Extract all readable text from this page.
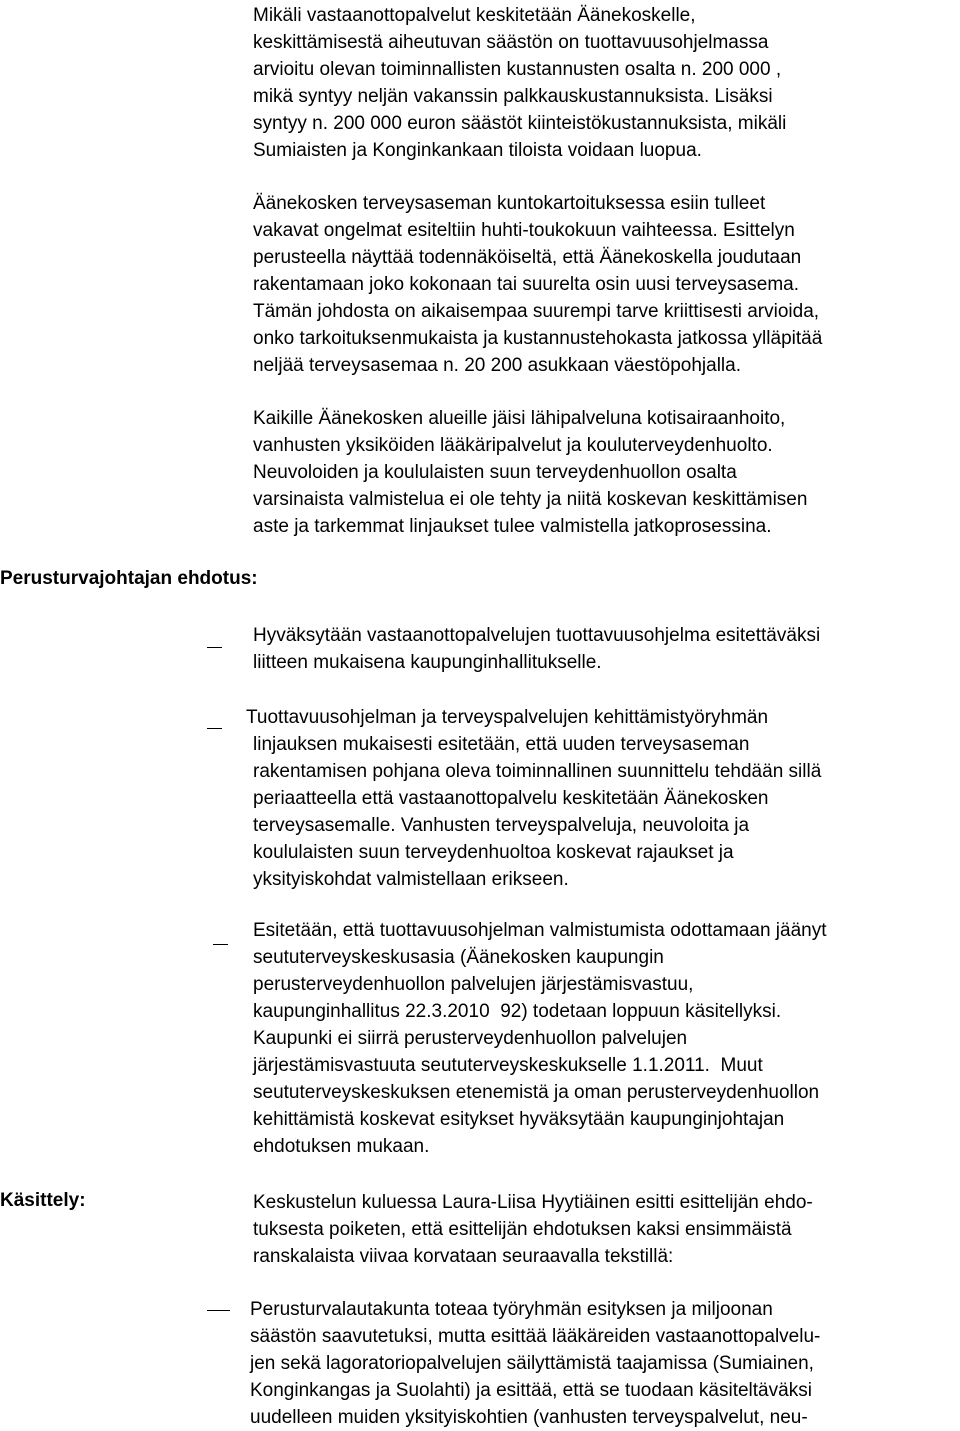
Mikäli vastaanottopalvelut keskitetään Äänekoskelle,
keskittämisestä aiheutuvan säästön on tuottavuusohjelmassa
arvioitu olevan toiminnallisten kustannusten osalta n. 200 000 ,
mikä syntyy neljän vakanssin palkkauskustannuksista. Lisäksi
syntyy n. 200 000 euron säästöt kiinteistökustannuksista, mikäli
Sumiaisten ja Konginkankaan tiloista voidaan luopua.

Äänekosken terveysaseman kuntokartoituksessa esiin tulleet
vakavat ongelmat esiteltiin huhti-toukokuun vaihteessa. Esittelyn
perusteella näyttää todennäköiseltä, että Äänekoskella joudutaan
rakentamaan joko kokonaan tai suurelta osin uusi terveysasema.
Tämän johdosta on aikaisempaa suurempi tarve kriittisesti arvioida,
onko tarkoituksenmukaista ja kustannustehokasta jatkossa ylläpitää
neljää terveysasemaa n. 20 200 asukkaan väestöpohjalla.

Kaikille Äänekosken alueille jäisi lähipalveluna kotisairaanhoito,
vanhusten yksiköiden lääkäripalvelut ja kouluterveydenhuolto.
Neuvoloiden ja koululaisten suun terveydenhuollon osalta
varsinaista valmistelua ei ole tehty ja niitä koskevan keskittämisen
aste ja tarkemmat linjaukset tulee valmistella jatkoprosessina.

Perusturvajohtajan ehdotus:

Hyväksytään vastaanottopalvelujen tuottavuusohjelma esitettäväksi
liitteen mukaisena kaupunginhallitukselle.

Tuottavuusohjelman ja terveyspalvelujen kehittämistyöryhmän

linjauksen mukaisesti esitetään, että uuden terveysaseman
rakentamisen pohjana oleva toiminnallinen suunnittelu tehdään sillä
periaatteella että vastaanottopalvelu keskitetään Äänekosken
terveysasemalle. Vanhusten terveyspalveluja, neuvoloita ja
koululaisten suun terveydenhuoltoa koskevat rajaukset ja
yksityiskohdat valmistellaan erikseen.

Esitetään, että tuottavuusohjelman valmistumista odottamaan jäänyt
seututerveyskeskusasia (Äänekosken kaupungin
perusterveydenhuollon palvelujen järjestämisvastuu,
kaupunginhallitus 22.3.2010  92) todetaan loppuun käsitellyksi.
Kaupunki ei siirrä perusterveydenhuollon palvelujen
järjestämisvastuuta seututerveyskeskukselle 1.1.2011.  Muut
seututerveyskeskuksen etenemistä ja oman perusterveydenhuollon
kehittämistä koskevat esitykset hyväksytään kaupunginjohtajan
ehdotuksen mukaan.

Käsittely:	Keskustelun kuluessa Laura-Liisa Hyytiäinen esitti esittelijän ehdo-
tuksesta poiketen, että esittelijän ehdotuksen kaksi ensimmäistä
ranskalaista viivaa korvataan seuraavalla tekstillä:

Perusturvalautakunta toteaa työryhmän esityksen ja miljoonan
säästön saavutetuksi, mutta esittää lääkäreiden vastaanottopalvelu-
jen sekä lagoratoriopalvelujen säilyttämistä taajamissa (Sumiainen,
Konginkangas ja Suolahti) ja esittää, että se tuodaan käsiteltäväksi
uudelleen muiden yksityiskohtien (vanhusten terveyspalvelut, neu-
